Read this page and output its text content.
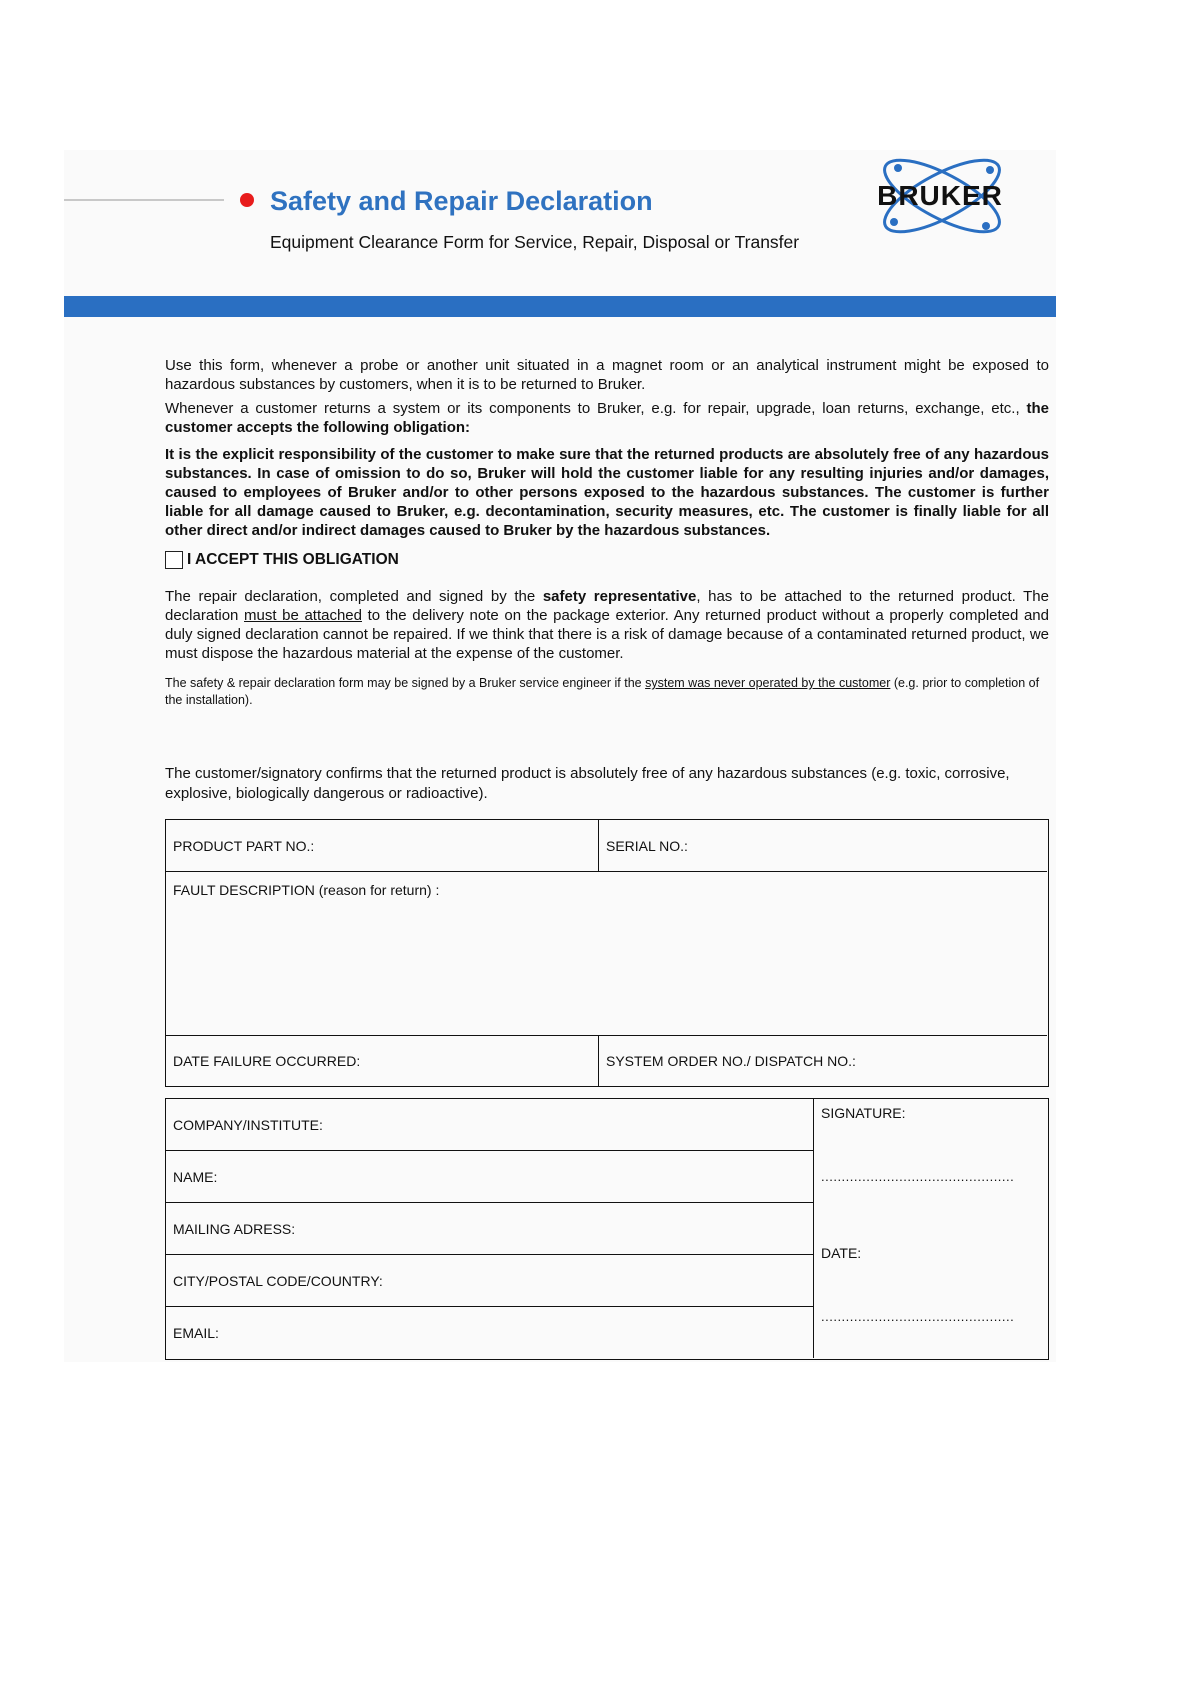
Safety and Repair Declaration
Equipment Clearance Form for Service, Repair, Disposal or Transfer
BRUKER

Use this form, whenever a probe or another unit situated in a magnet room or an analytical instrument might be exposed to hazardous substances by customers, when it is to be returned to Bruker.

Whenever a customer returns a system or its components to Bruker, e.g. for repair, upgrade, loan returns, exchange, etc., the customer accepts the following obligation:

It is the explicit responsibility of the customer to make sure that the returned products are absolutely free of any hazardous substances. In case of omission to do so, Bruker will hold the customer liable for any resulting injuries and/or damages, caused to employees of Bruker and/or to other persons exposed to the hazardous substances. The customer is further liable for all damage caused to Bruker, e.g. decontamination, security measures, etc. The customer is finally liable for all other direct and/or indirect damages caused to Bruker by the hazardous substances.

I ACCEPT THIS OBLIGATION

The repair declaration, completed and signed by the safety representative, has to be attached to the returned product. The declaration must be attached to the delivery note on the package exterior. Any returned product without a properly completed and duly signed declaration cannot be repaired. If we think that there is a risk of damage because of a contaminated returned product, we must dispose the hazardous material at the expense of the customer.

The safety & repair declaration form may be signed by a Bruker service engineer if the system was never operated by the customer (e.g. prior to completion of the installation).

The customer/signatory confirms that the returned product is absolutely free of any hazardous substances (e.g. toxic, corrosive, explosive, biologically dangerous or radioactive).

PRODUCT PART NO.:	SERIAL NO.:
FAULT DESCRIPTION (reason for return) :
DATE FAILURE OCCURRED:	SYSTEM ORDER NO./ DISPATCH NO.:
COMPANY/INSTITUTE:
NAME:
MAILING ADRESS:
CITY/POSTAL CODE/COUNTRY:
EMAIL:
SIGNATURE:
...............................................
DATE:
...............................................
